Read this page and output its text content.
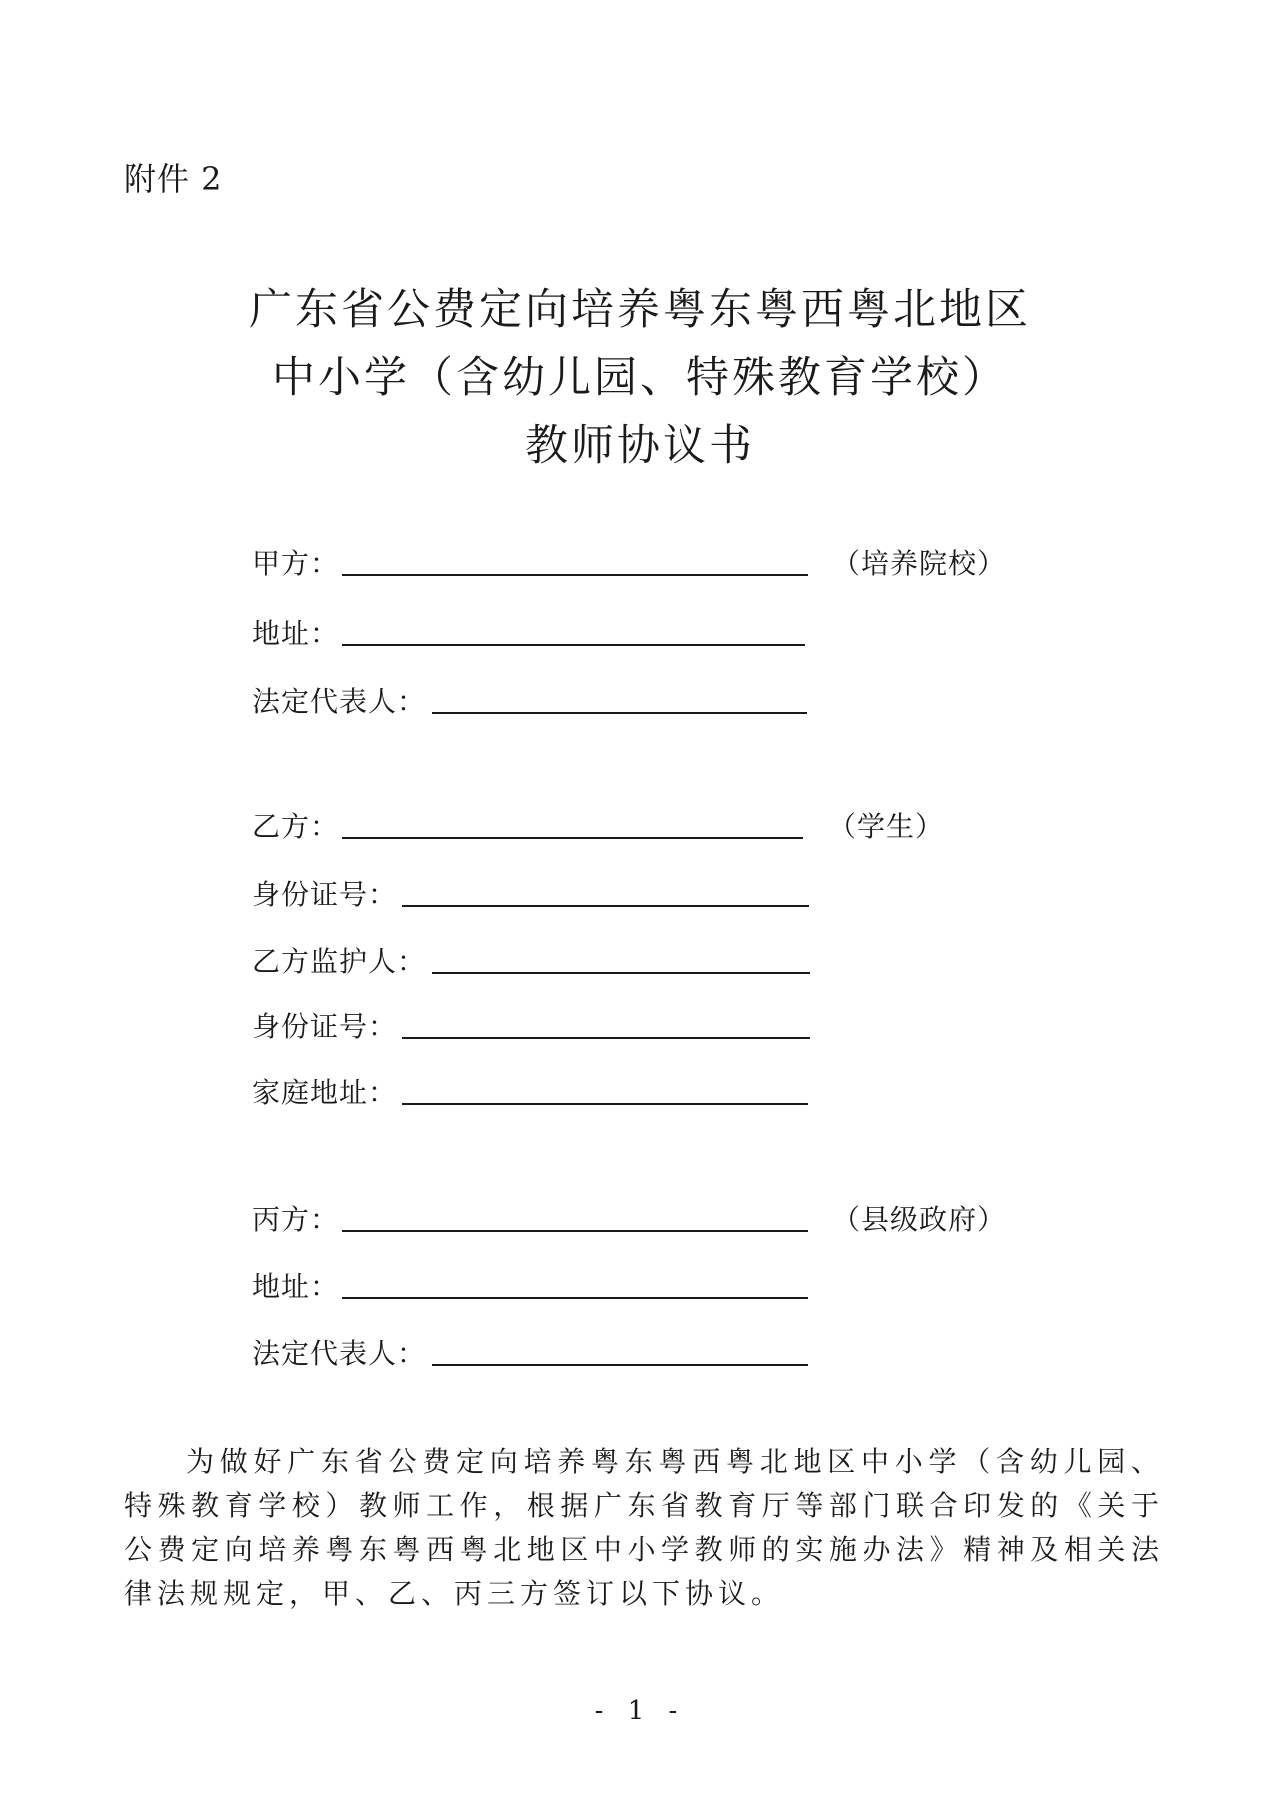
附件 2
广东省公费定向培养粤东粤西粤北地区
中小学（含幼儿园、特殊教育学校）
教师协议书
甲方：	（培养院校）
地址：
法定代表人：
乙方：	（学生）
身份证号：
乙方监护人：
身份证号：
家庭地址：
丙方：	（县级政府）
地址：
法定代表人：
为做好广东省公费定向培养粤东粤西粤北地区中小学（含幼儿园、特殊教育学校）教师工作，根据广东省教育厅等部门联合印发的《关于公费定向培养粤东粤西粤北地区中小学教师的实施办法》精神及相关法律法规规定，甲、乙、丙三方签订以下协议。
- 1 -
